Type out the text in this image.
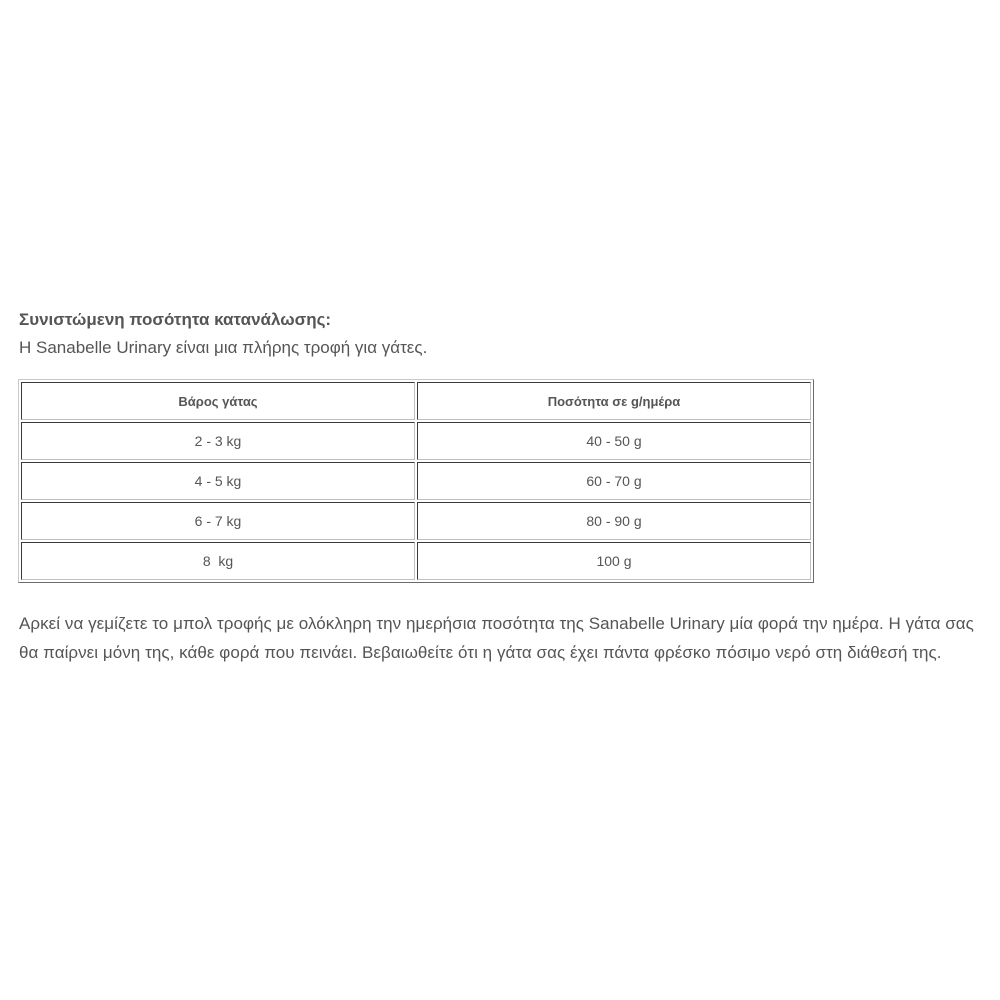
Συνιστώμενη ποσότητα κατανάλωσης:

Η Sanabelle Urinary είναι μια πλήρης τροφή για γάτες.

Βάρος γάτας	Ποσότητα σε g/ημέρα
2 - 3 kg	40 - 50 g
4 - 5 kg	60 - 70 g
6 - 7 kg	80 - 90 g
8  kg	100 g

Αρκεί να γεμίζετε το μπολ τροφής με ολόκληρη την ημερήσια ποσότητα της Sanabelle Urinary μία φορά την ημέρα. Η γάτα σας θα παίρνει μόνη της, κάθε φορά που πεινάει. Βεβαιωθείτε ότι η γάτα σας έχει πάντα φρέσκο πόσιμο νερό στη διάθεσή της.
